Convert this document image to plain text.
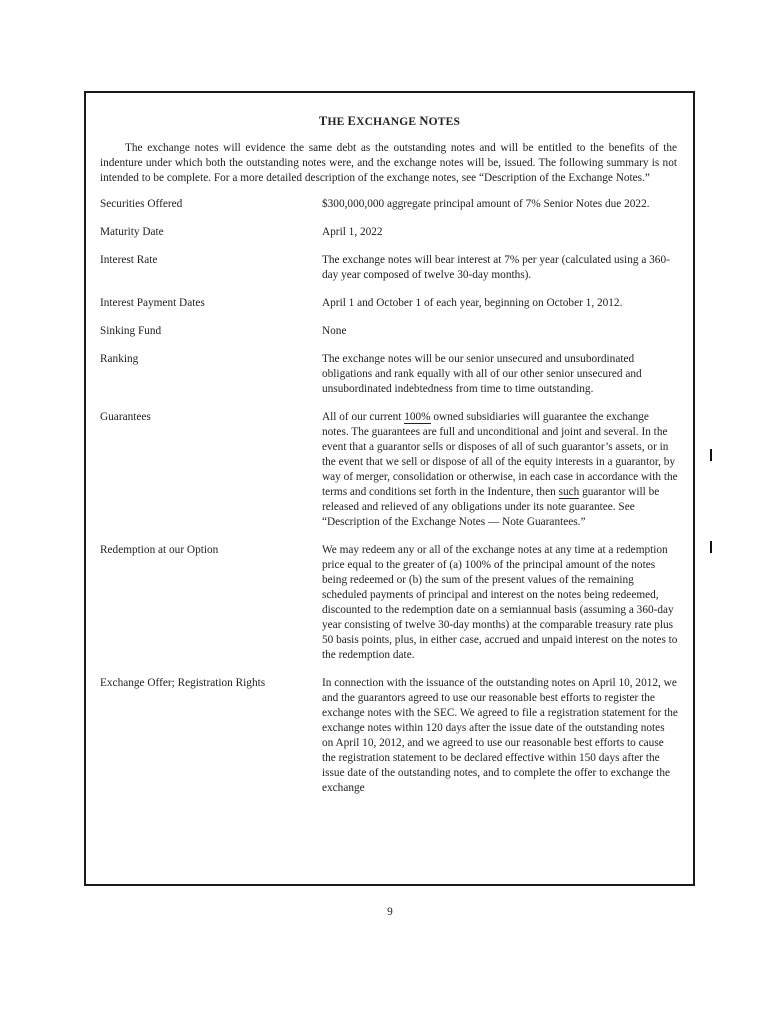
THE EXCHANGE NOTES

The exchange notes will evidence the same debt as the outstanding notes and will be entitled to the benefits of the indenture under which both the outstanding notes were, and the exchange notes will be, issued. The following summary is not intended to be complete. For a more detailed description of the exchange notes, see “Description of the Exchange Notes.”

Securities Offered	$300,000,000 aggregate principal amount of 7% Senior Notes due 2022.

Maturity Date	April 1, 2022

Interest Rate	The exchange notes will bear interest at 7% per year (calculated using a 360-day year composed of twelve 30-day months).

Interest Payment Dates	April 1 and October 1 of each year, beginning on October 1, 2012.

Sinking Fund	None

Ranking	The exchange notes will be our senior unsecured and unsubordinated obligations and rank equally with all of our other senior unsecured and unsubordinated indebtedness from time to time outstanding.

Guarantees	All of our current 100% owned subsidiaries will guarantee the exchange notes. The guarantees are full and unconditional and joint and several. In the event that a guarantor sells or disposes of all of such guarantor’s assets, or in the event that we sell or dispose of all of the equity interests in a guarantor, by way of merger, consolidation or otherwise, in each case in accordance with the terms and conditions set forth in the Indenture, then such guarantor will be released and relieved of any obligations under its note guarantee. See “Description of the Exchange Notes — Note Guarantees.”

Redemption at our Option	We may redeem any or all of the exchange notes at any time at a redemption price equal to the greater of (a) 100% of the principal amount of the notes being redeemed or (b) the sum of the present values of the remaining scheduled payments of principal and interest on the notes being redeemed, discounted to the redemption date on a semiannual basis (assuming a 360-day year consisting of twelve 30-day months) at the comparable treasury rate plus 50 basis points, plus, in either case, accrued and unpaid interest on the notes to the redemption date.

Exchange Offer; Registration Rights	In connection with the issuance of the outstanding notes on April 10, 2012, we and the guarantors agreed to use our reasonable best efforts to register the exchange notes with the SEC. We agreed to file a registration statement for the exchange notes within 120 days after the issue date of the outstanding notes on April 10, 2012, and we agreed to use our reasonable best efforts to cause the registration statement to be declared effective within 150 days after the issue date of the outstanding notes, and to complete the offer to exchange the exchange
9
